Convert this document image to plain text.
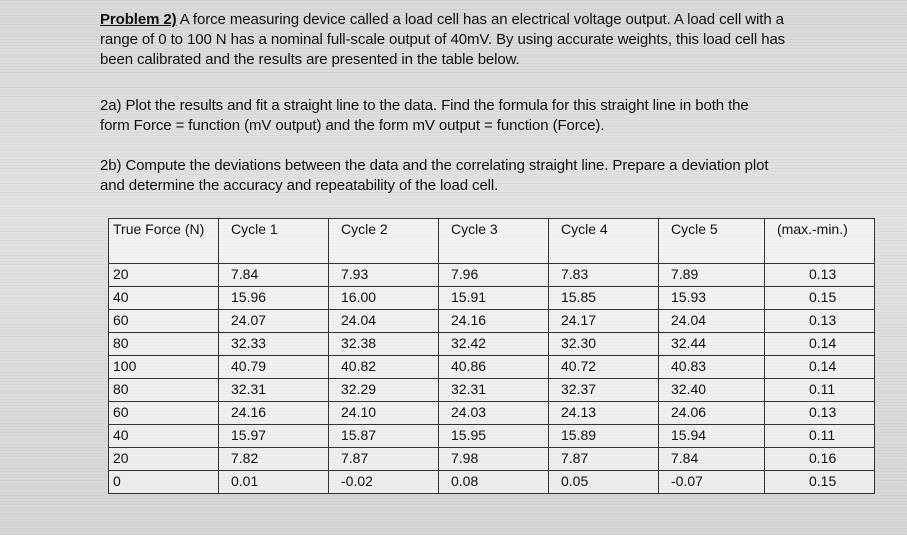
Problem 2) A force measuring device called a load cell has an electrical voltage output. A load cell with a
range of 0 to 100 N has a nominal full-scale output of 40mV. By using accurate weights, this load cell has
been calibrated and the results are presented in the table below.
2a) Plot the results and fit a straight line to the data. Find the formula for this straight line in both the
form Force = function (mV output) and the form mV output = function (Force).
2b) Compute the deviations between the data and the correlating straight line. Prepare a deviation plot
and determine the accuracy and repeatability of the load cell.
True Force (N)	Cycle 1	Cycle 2	Cycle 3	Cycle 4	Cycle 5	(max.-min.)
20	7.84	7.93	7.96	7.83	7.89	0.13
40	15.96	16.00	15.91	15.85	15.93	0.15
60	24.07	24.04	24.16	24.17	24.04	0.13
80	32.33	32.38	32.42	32.30	32.44	0.14
100	40.79	40.82	40.86	40.72	40.83	0.14
80	32.31	32.29	32.31	32.37	32.40	0.11
60	24.16	24.10	24.03	24.13	24.06	0.13
40	15.97	15.87	15.95	15.89	15.94	0.11
20	7.82	7.87	7.98	7.87	7.84	0.16
0	0.01	-0.02	0.08	0.05	-0.07	0.15
